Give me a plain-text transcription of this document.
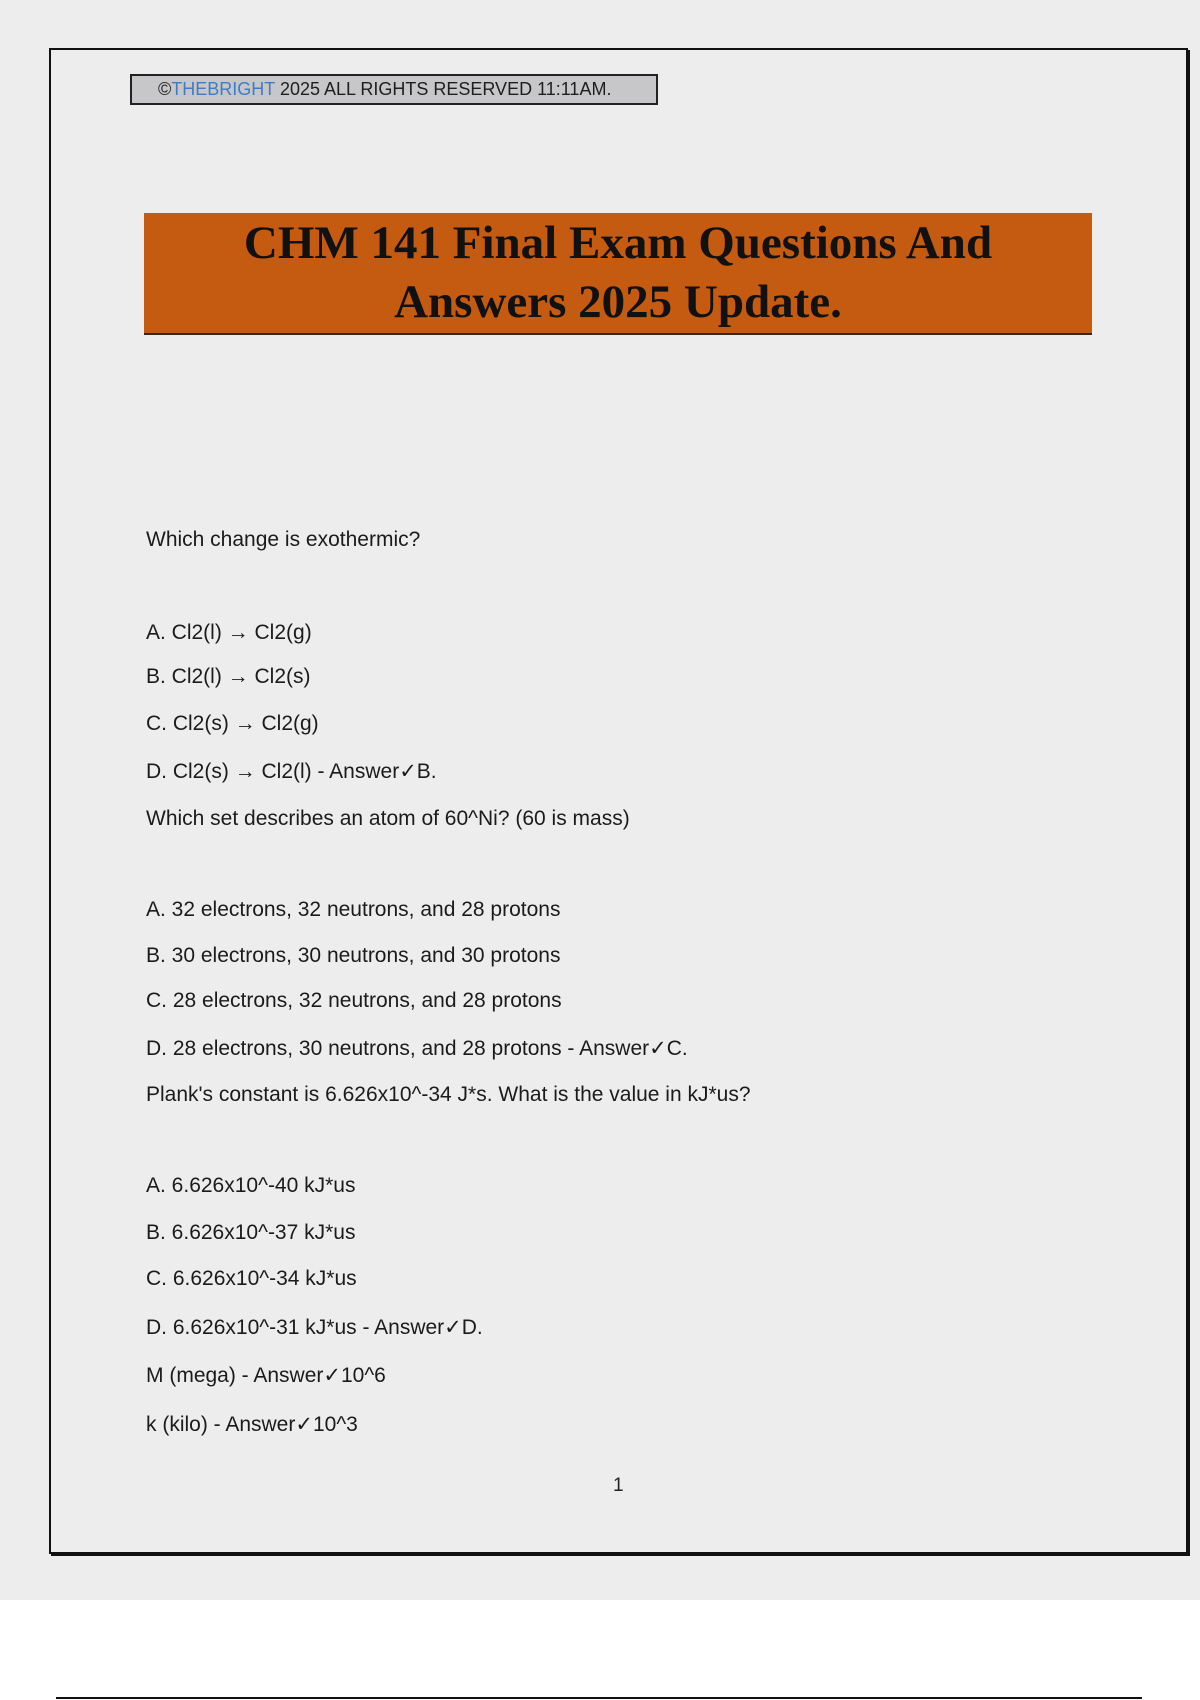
©THEBRIGHT 2025 ALL RIGHTS RESERVED 11:11AM.
CHM 141 Final Exam Questions And Answers 2025 Update.
Which change is exothermic?
A. Cl2(l) → Cl2(g)
B. Cl2(l) → Cl2(s)
C. Cl2(s) → Cl2(g)
D. Cl2(s) → Cl2(l) - Answer✓B.
Which set describes an atom of 60^Ni? (60 is mass)
A. 32 electrons, 32 neutrons, and 28 protons
B. 30 electrons, 30 neutrons, and 30 protons
C. 28 electrons, 32 neutrons, and 28 protons
D. 28 electrons, 30 neutrons, and 28 protons - Answer✓C.
Plank's constant is 6.626x10^-34 J*s. What is the value in kJ*us?
A. 6.626x10^-40 kJ*us
B. 6.626x10^-37 kJ*us
C. 6.626x10^-34 kJ*us
D. 6.626x10^-31 kJ*us - Answer✓D.
M (mega) - Answer✓10^6
k (kilo) - Answer✓10^3
1
